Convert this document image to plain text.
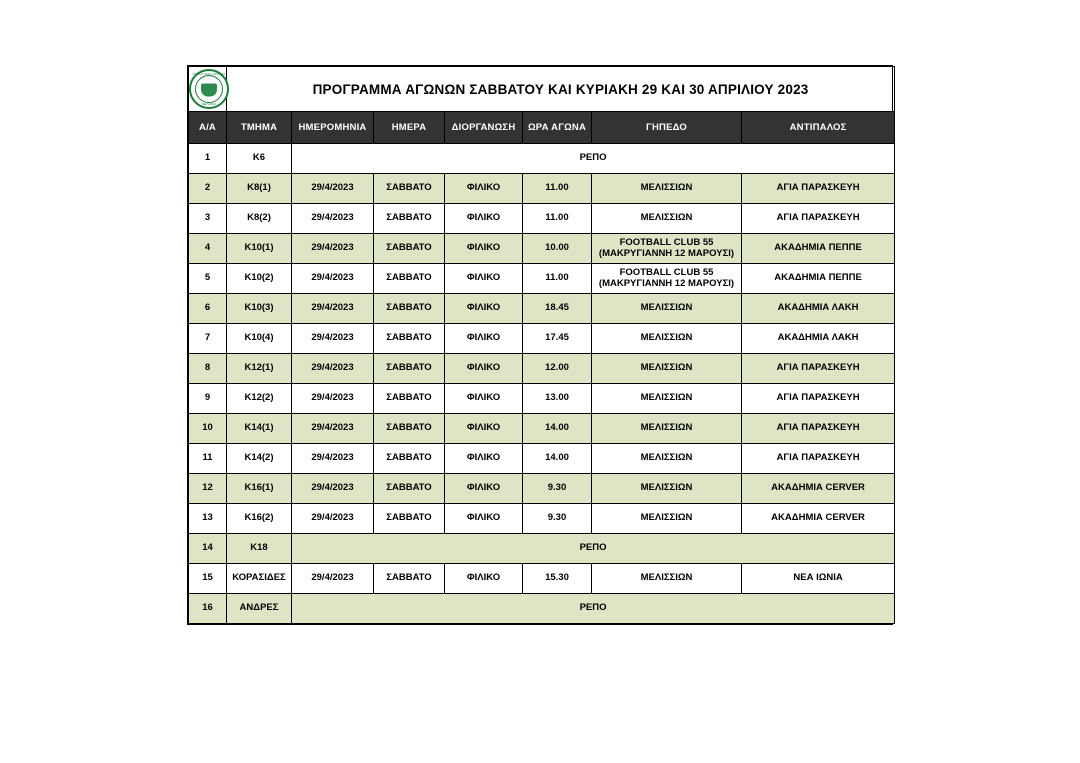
ΑΘΛΗΤΙΚΟΣ ΟΜΙΛΟΣ
ΜΕΛΙΣΣΙΑ	ΠΡΟΓΡΑΜΜΑ ΑΓΩΝΩΝ ΣΑΒΒΑΤΟΥ ΚΑΙ ΚΥΡΙΑΚΗ 29 ΚΑΙ 30 ΑΠΡΙΛΙΟΥ 2023						
Α/Α	ΤΜΗΜΑ	ΗΜΕΡΟΜΗΝΙΑ	ΗΜΕΡΑ	ΔΙΟΡΓΑΝΩΣΗ	ΩΡΑ ΑΓΩΝΑ	ΓΗΠΕΔΟ	ΑΝΤΙΠΑΛΟΣ
1	Κ6	ΡΕΠΟ					
2	Κ8(1)	29/4/2023	ΣΑΒΒΑΤΟ	ΦΙΛΙΚΟ	11.00	ΜΕΛΙΣΣΙΩΝ	ΑΓΙΑ ΠΑΡΑΣΚΕΥΗ
3	Κ8(2)	29/4/2023	ΣΑΒΒΑΤΟ	ΦΙΛΙΚΟ	11.00	ΜΕΛΙΣΣΙΩΝ	ΑΓΙΑ ΠΑΡΑΣΚΕΥΗ
4	Κ10(1)	29/4/2023	ΣΑΒΒΑΤΟ	ΦΙΛΙΚΟ	10.00	FOOTBALL CLUB 55
(ΜΑΚΡΥΓΙΑΝΝΗ 12 ΜΑΡΟΥΣΙ)	ΑΚΑΔΗΜΙΑ ΠΕΠΠΕ
5	Κ10(2)	29/4/2023	ΣΑΒΒΑΤΟ	ΦΙΛΙΚΟ	11.00	FOOTBALL CLUB 55
(ΜΑΚΡΥΓΙΑΝΝΗ 12 ΜΑΡΟΥΣΙ)	ΑΚΑΔΗΜΙΑ ΠΕΠΠΕ
6	Κ10(3)	29/4/2023	ΣΑΒΒΑΤΟ	ΦΙΛΙΚΟ	18.45	ΜΕΛΙΣΣΙΩΝ	ΑΚΑΔΗΜΙΑ ΛΑΚΗ
7	Κ10(4)	29/4/2023	ΣΑΒΒΑΤΟ	ΦΙΛΙΚΟ	17.45	ΜΕΛΙΣΣΙΩΝ	ΑΚΑΔΗΜΙΑ ΛΑΚΗ
8	Κ12(1)	29/4/2023	ΣΑΒΒΑΤΟ	ΦΙΛΙΚΟ	12.00	ΜΕΛΙΣΣΙΩΝ	ΑΓΙΑ ΠΑΡΑΣΚΕΥΗ
9	Κ12(2)	29/4/2023	ΣΑΒΒΑΤΟ	ΦΙΛΙΚΟ	13.00	ΜΕΛΙΣΣΙΩΝ	ΑΓΙΑ ΠΑΡΑΣΚΕΥΗ
10	Κ14(1)	29/4/2023	ΣΑΒΒΑΤΟ	ΦΙΛΙΚΟ	14.00	ΜΕΛΙΣΣΙΩΝ	ΑΓΙΑ ΠΑΡΑΣΚΕΥΗ
11	Κ14(2)	29/4/2023	ΣΑΒΒΑΤΟ	ΦΙΛΙΚΟ	14.00	ΜΕΛΙΣΣΙΩΝ	ΑΓΙΑ ΠΑΡΑΣΚΕΥΗ
12	Κ16(1)	29/4/2023	ΣΑΒΒΑΤΟ	ΦΙΛΙΚΟ	9.30	ΜΕΛΙΣΣΙΩΝ	ΑΚΑΔΗΜΙΑ CERVER
13	Κ16(2)	29/4/2023	ΣΑΒΒΑΤΟ	ΦΙΛΙΚΟ	9.30	ΜΕΛΙΣΣΙΩΝ	ΑΚΑΔΗΜΙΑ CERVER
14	Κ18	ΡΕΠΟ					
15	ΚΟΡΑΣΙΔΕΣ	29/4/2023	ΣΑΒΒΑΤΟ	ΦΙΛΙΚΟ	15.30	ΜΕΛΙΣΣΙΩΝ	ΝΕΑ ΙΩΝΙΑ
16	ΑΝΔΡΕΣ	ΡΕΠΟ					
